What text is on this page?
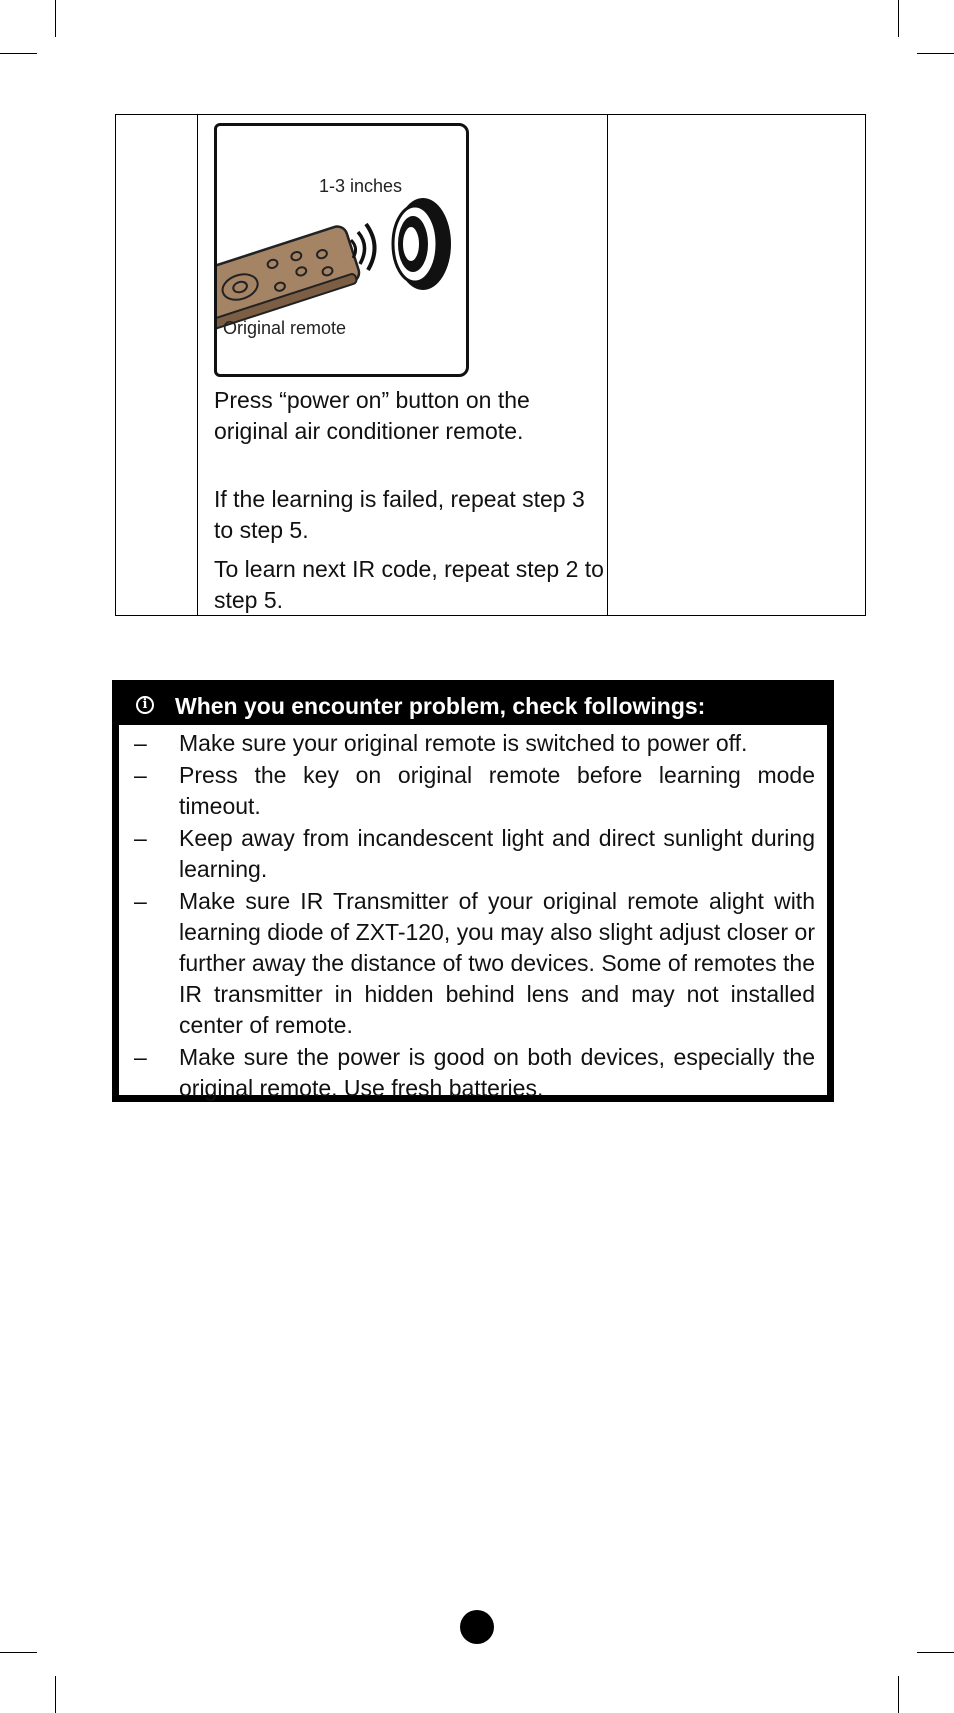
1-3 inches
Original remote
Press “power on” button on the original air conditioner remote.
If the learning is failed, repeat step 3 to step 5.
To learn next IR code, repeat step 2 to step 5.
i When you encounter problem, check followings:
– Make sure your original remote is switched to power off.
– Press the key on original remote before learning mode timeout.
– Keep away from incandescent light and direct sunlight during learning.
– Make sure IR Transmitter of your original remote alight with learning diode of ZXT-120, you may also slight adjust closer or further away the distance of two devices. Some of remotes the IR transmitter in hidden behind lens and may not installed center of remote.
– Make sure the power is good on both devices, especially the original remote. Use fresh batteries.
